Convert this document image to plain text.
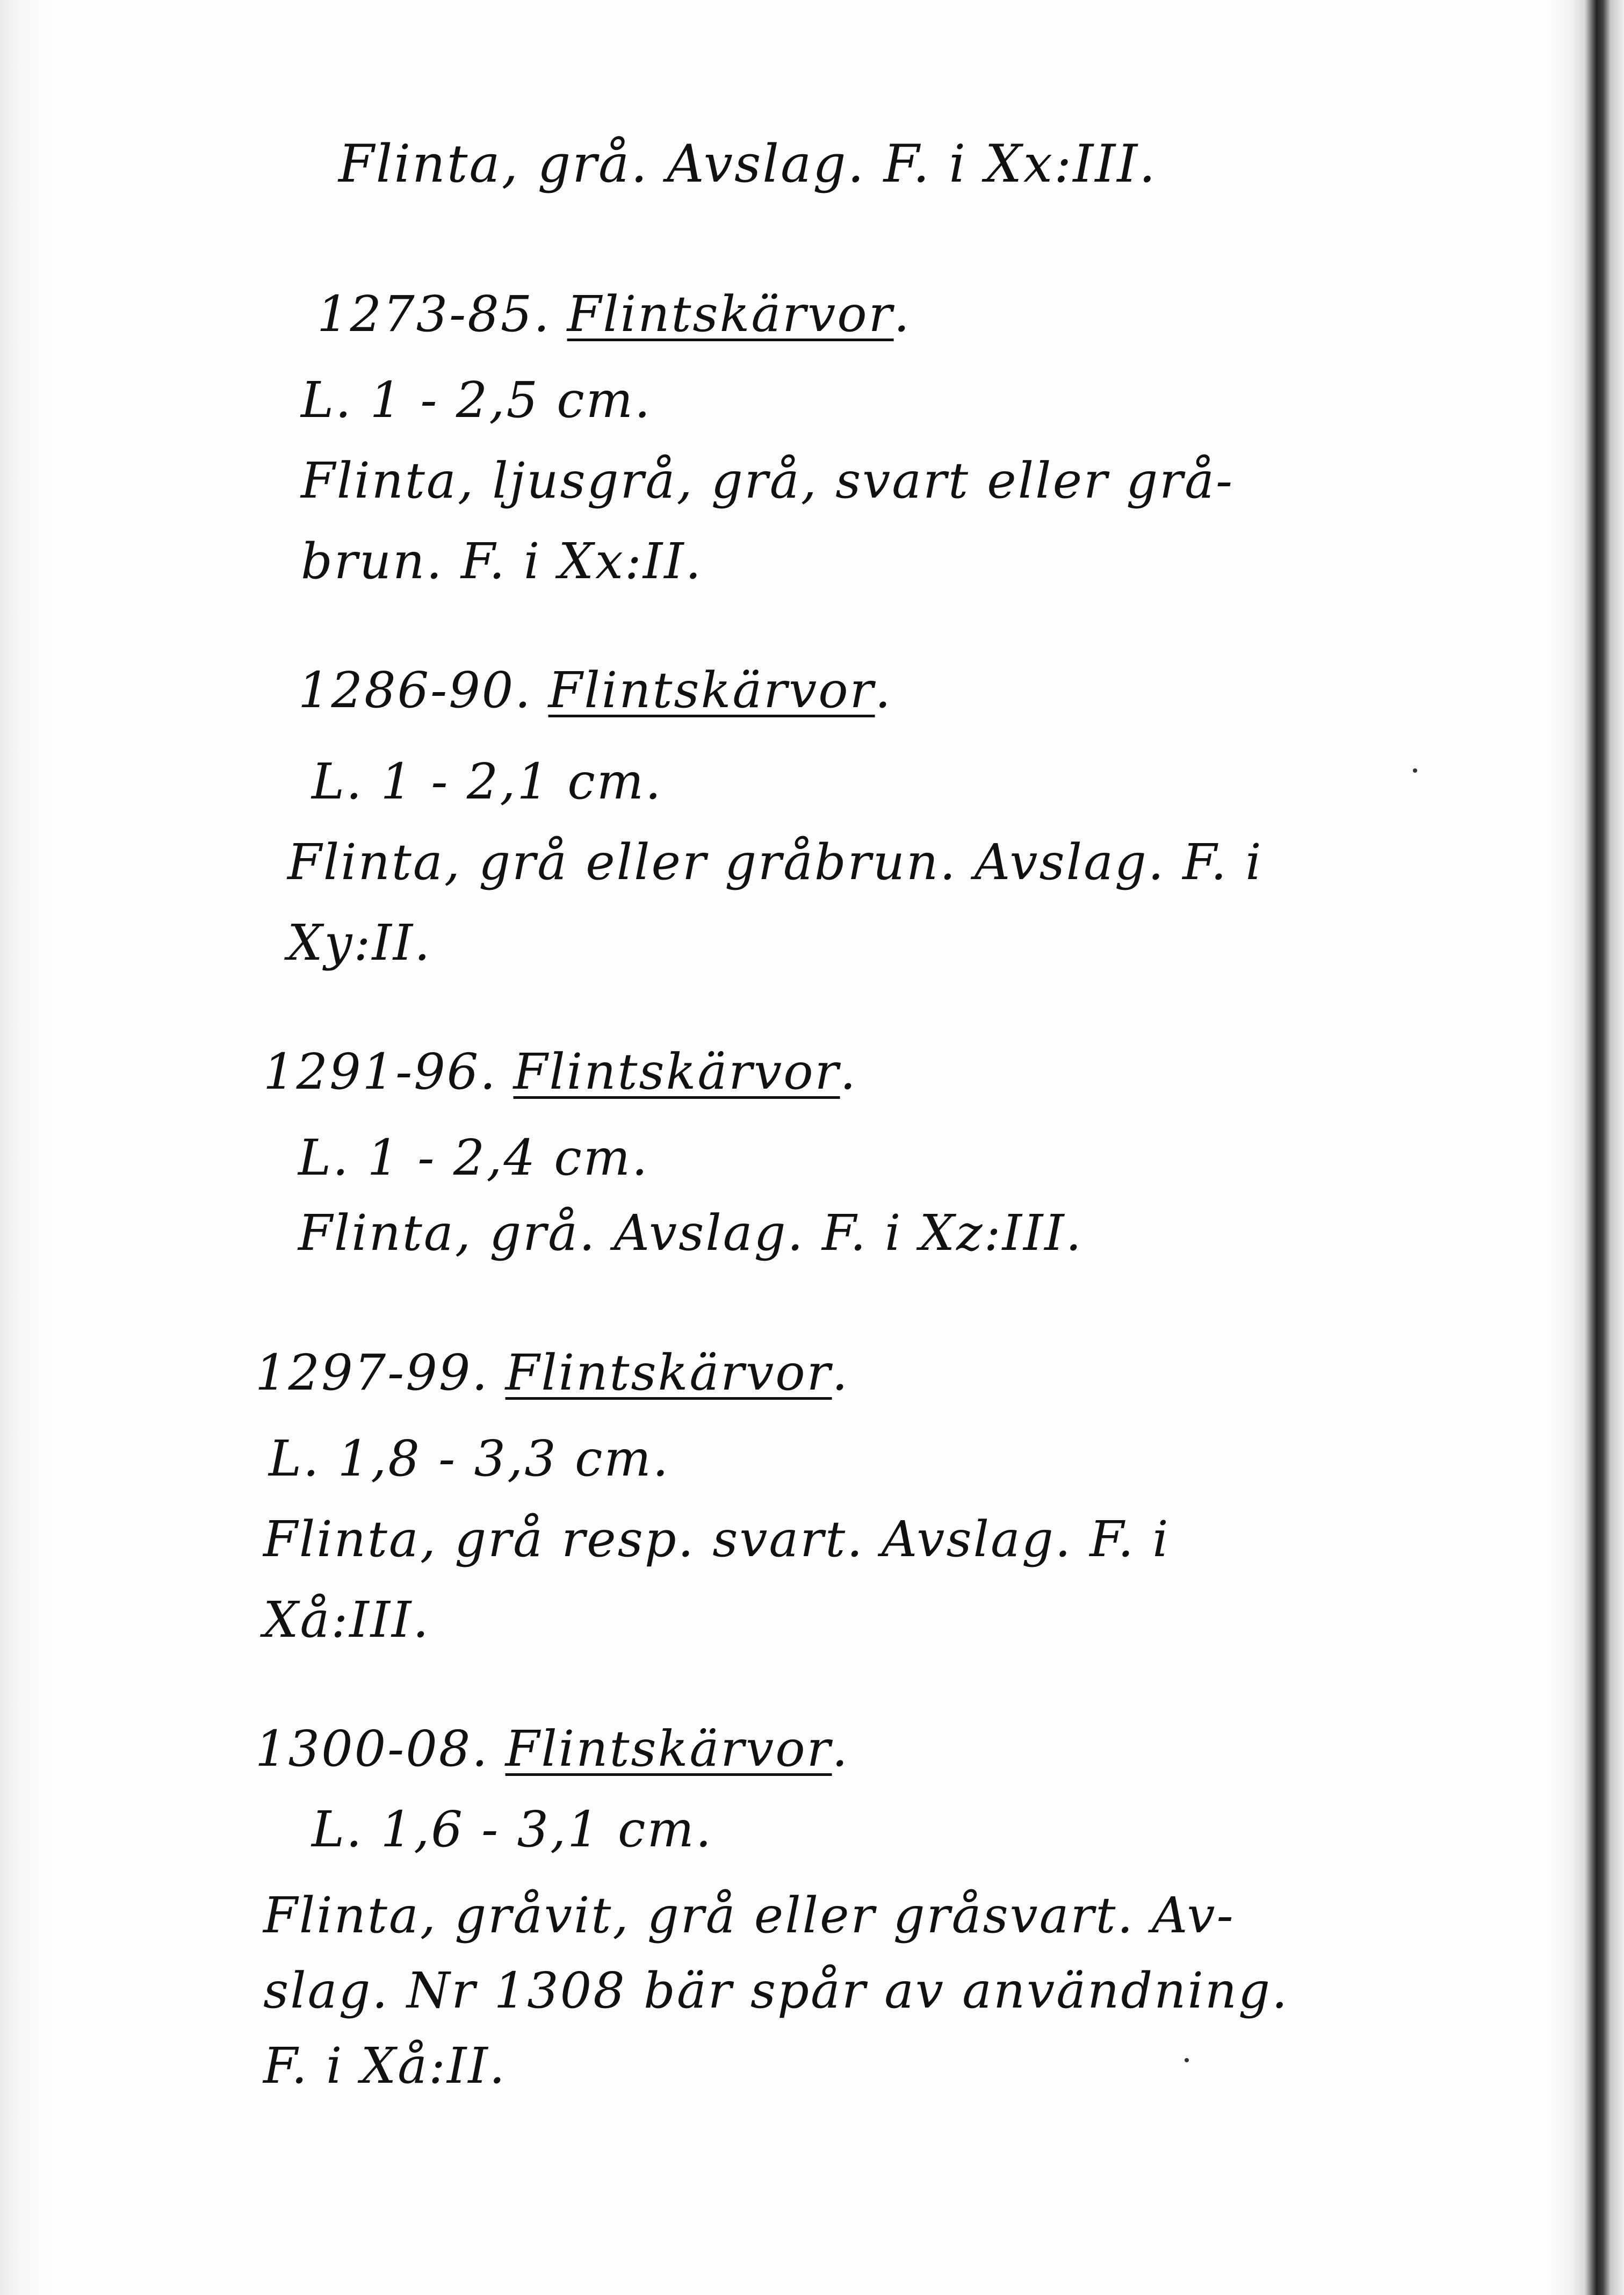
Flinta, grå. Avslag. F. i Xx:III.
1273-85. Flintskärvor.
L. 1 - 2,5 cm.
Flinta, ljusgrå, grå, svart eller grå-
brun. F. i Xx:II.
1286-90. Flintskärvor.
L. 1 - 2,1 cm.
Flinta, grå eller gråbrun. Avslag. F. i
Xy:II.
1291-96. Flintskärvor.
L. 1 - 2,4 cm.
Flinta, grå. Avslag. F. i Xz:III.
1297-99. Flintskärvor.
L. 1,8 - 3,3 cm.
Flinta, grå resp. svart. Avslag. F. i
Xå:III.
1300-08. Flintskärvor.
L. 1,6 - 3,1 cm.
Flinta, gråvit, grå eller gråsvart. Av-
slag. Nr 1308 bär spår av användning.
F. i Xå:II.
